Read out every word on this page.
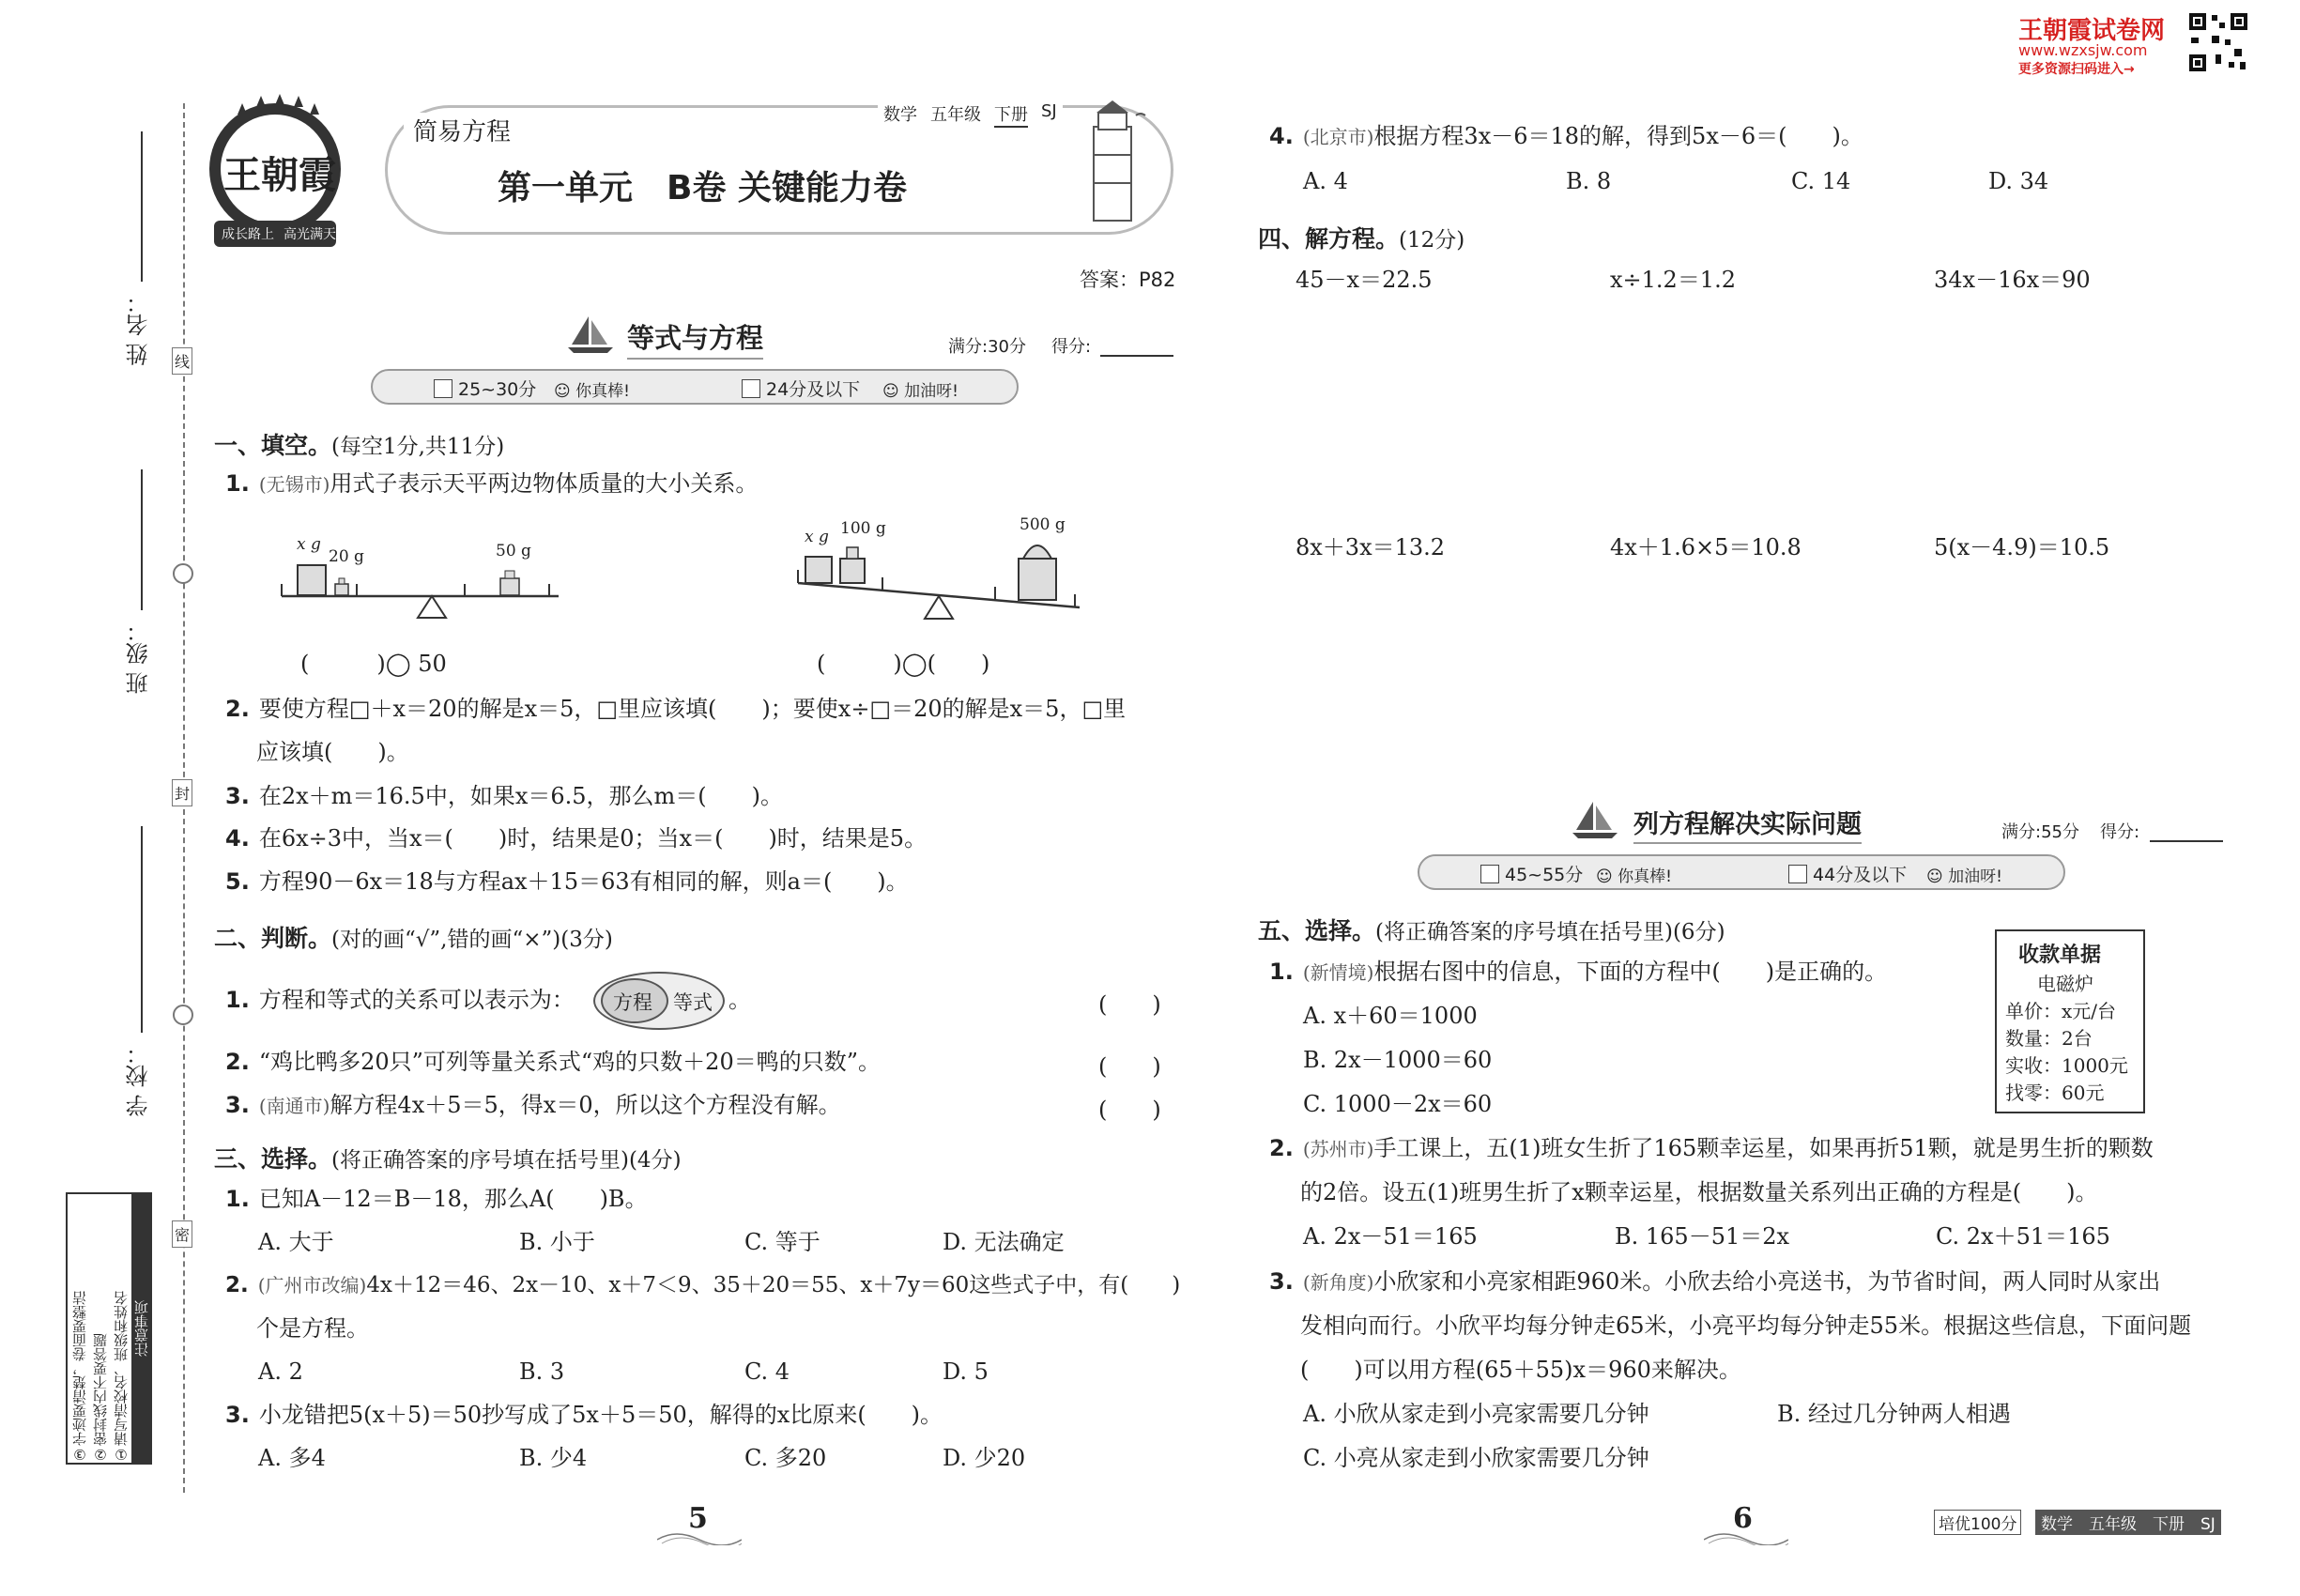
姓 名：
班 级：
学 校：
线
封
密
注意事项
①请写清校名、班级和姓名
②密封线内不要答题
③字迹要清楚，卷面要整洁
王朝霞
成长路上 高光满天
简易方程
数学 五年级 下册 SJ
第一单元　B卷 关键能力卷
答案：P82
等式与方程	满分:30分 得分:
25~30分 ☺ 你真棒!	24分及以下 ☺ 加油呀!
一、填空。(每空1分,共11分)
1. (无锡市)用式子表示天平两边物体质量的大小关系。
x g
20 g	50 g
(　　　)◯ 50
x g 100 g	500 g
(　　　)◯(　　)
2. 要使方程□＋x＝20的解是x＝5，□里应该填(　　)；要使x÷□＝20的解是x＝5，□里
应该填(　　)。
3. 在2x＋m＝16.5中，如果x＝6.5，那么m＝(　　)。
4. 在6x÷3中，当x＝(　　)时，结果是0；当x＝(　　)时，结果是5。
5. 方程90－6x＝18与方程ax＋15＝63有相同的解，则a＝(　　)。
二、判断。(对的画“√”,错的画“×”)(3分)
1. 方程和等式的关系可以表示为： 方程 等式 。	(　　)
2. “鸡比鸭多20只”可列等量关系式“鸡的只数＋20＝鸭的只数”。	(　　)
3. (南通市)解方程4x＋5＝5，得x＝0，所以这个方程没有解。	(　　)
三、选择。(将正确答案的序号填在括号里)(4分)
1. 已知A－12＝B－18，那么A(　　)B。
A. 大于	B. 小于	C. 等于	D. 无法确定
2. (广州市改编)4x＋12＝46、2x－10、x＋7＜9、35＋20＝55、x＋7y＝60这些式子中，有(　　)
个是方程。
A. 2	B. 3	C. 4	D. 5
3. 小龙错把5(x＋5)＝50抄写成了5x＋5＝50，解得的x比原来(　　)。
A. 多4	B. 少4	C. 多20	D. 少20
5
王朝霞试卷网
www.wzxsjw.com
更多资源扫码进入→
4. (北京市)根据方程3x－6＝18的解，得到5x－6＝(　　)。
A. 4	B. 8	C. 14	D. 34
四、解方程。(12分)
45－x＝22.5	x÷1.2＝1.2	34x－16x＝90
8x＋3x＝13.2	4x＋1.6×5＝10.8	5(x－4.9)＝10.5
列方程解决实际问题	满分:55分 得分:
45~55分 ☺ 你真棒!	44分及以下 ☺ 加油呀!
五、选择。(将正确答案的序号填在括号里)(6分)
1. (新情境)根据右图中的信息，下面的方程中(　　)是正确的。
A. x＋60＝1000
B. 2x－1000＝60
C. 1000－2x＝60
收款单据
电磁炉
单价：x元/台
数量：2台
实收：1000元
找零：60元
2. (苏州市)手工课上，五(1)班女生折了165颗幸运星，如果再折51颗，就是男生折的颗数
的2倍。设五(1)班男生折了x颗幸运星，根据数量关系列出正确的方程是(　　)。
A. 2x－51＝165	B. 165－51＝2x	C. 2x＋51＝165
3. (新角度)小欣家和小亮家相距960米。小欣去给小亮送书，为节省时间，两人同时从家出
发相向而行。小欣平均每分钟走65米，小亮平均每分钟走55米。根据这些信息，下面问题
(　　)可以用方程(65＋55)x＝960来解决。
A. 小欣从家走到小亮家需要几分钟	B. 经过几分钟两人相遇
C. 小亮从家走到小欣家需要几分钟
6	培优100分	数学　五年级　下册　SJ
